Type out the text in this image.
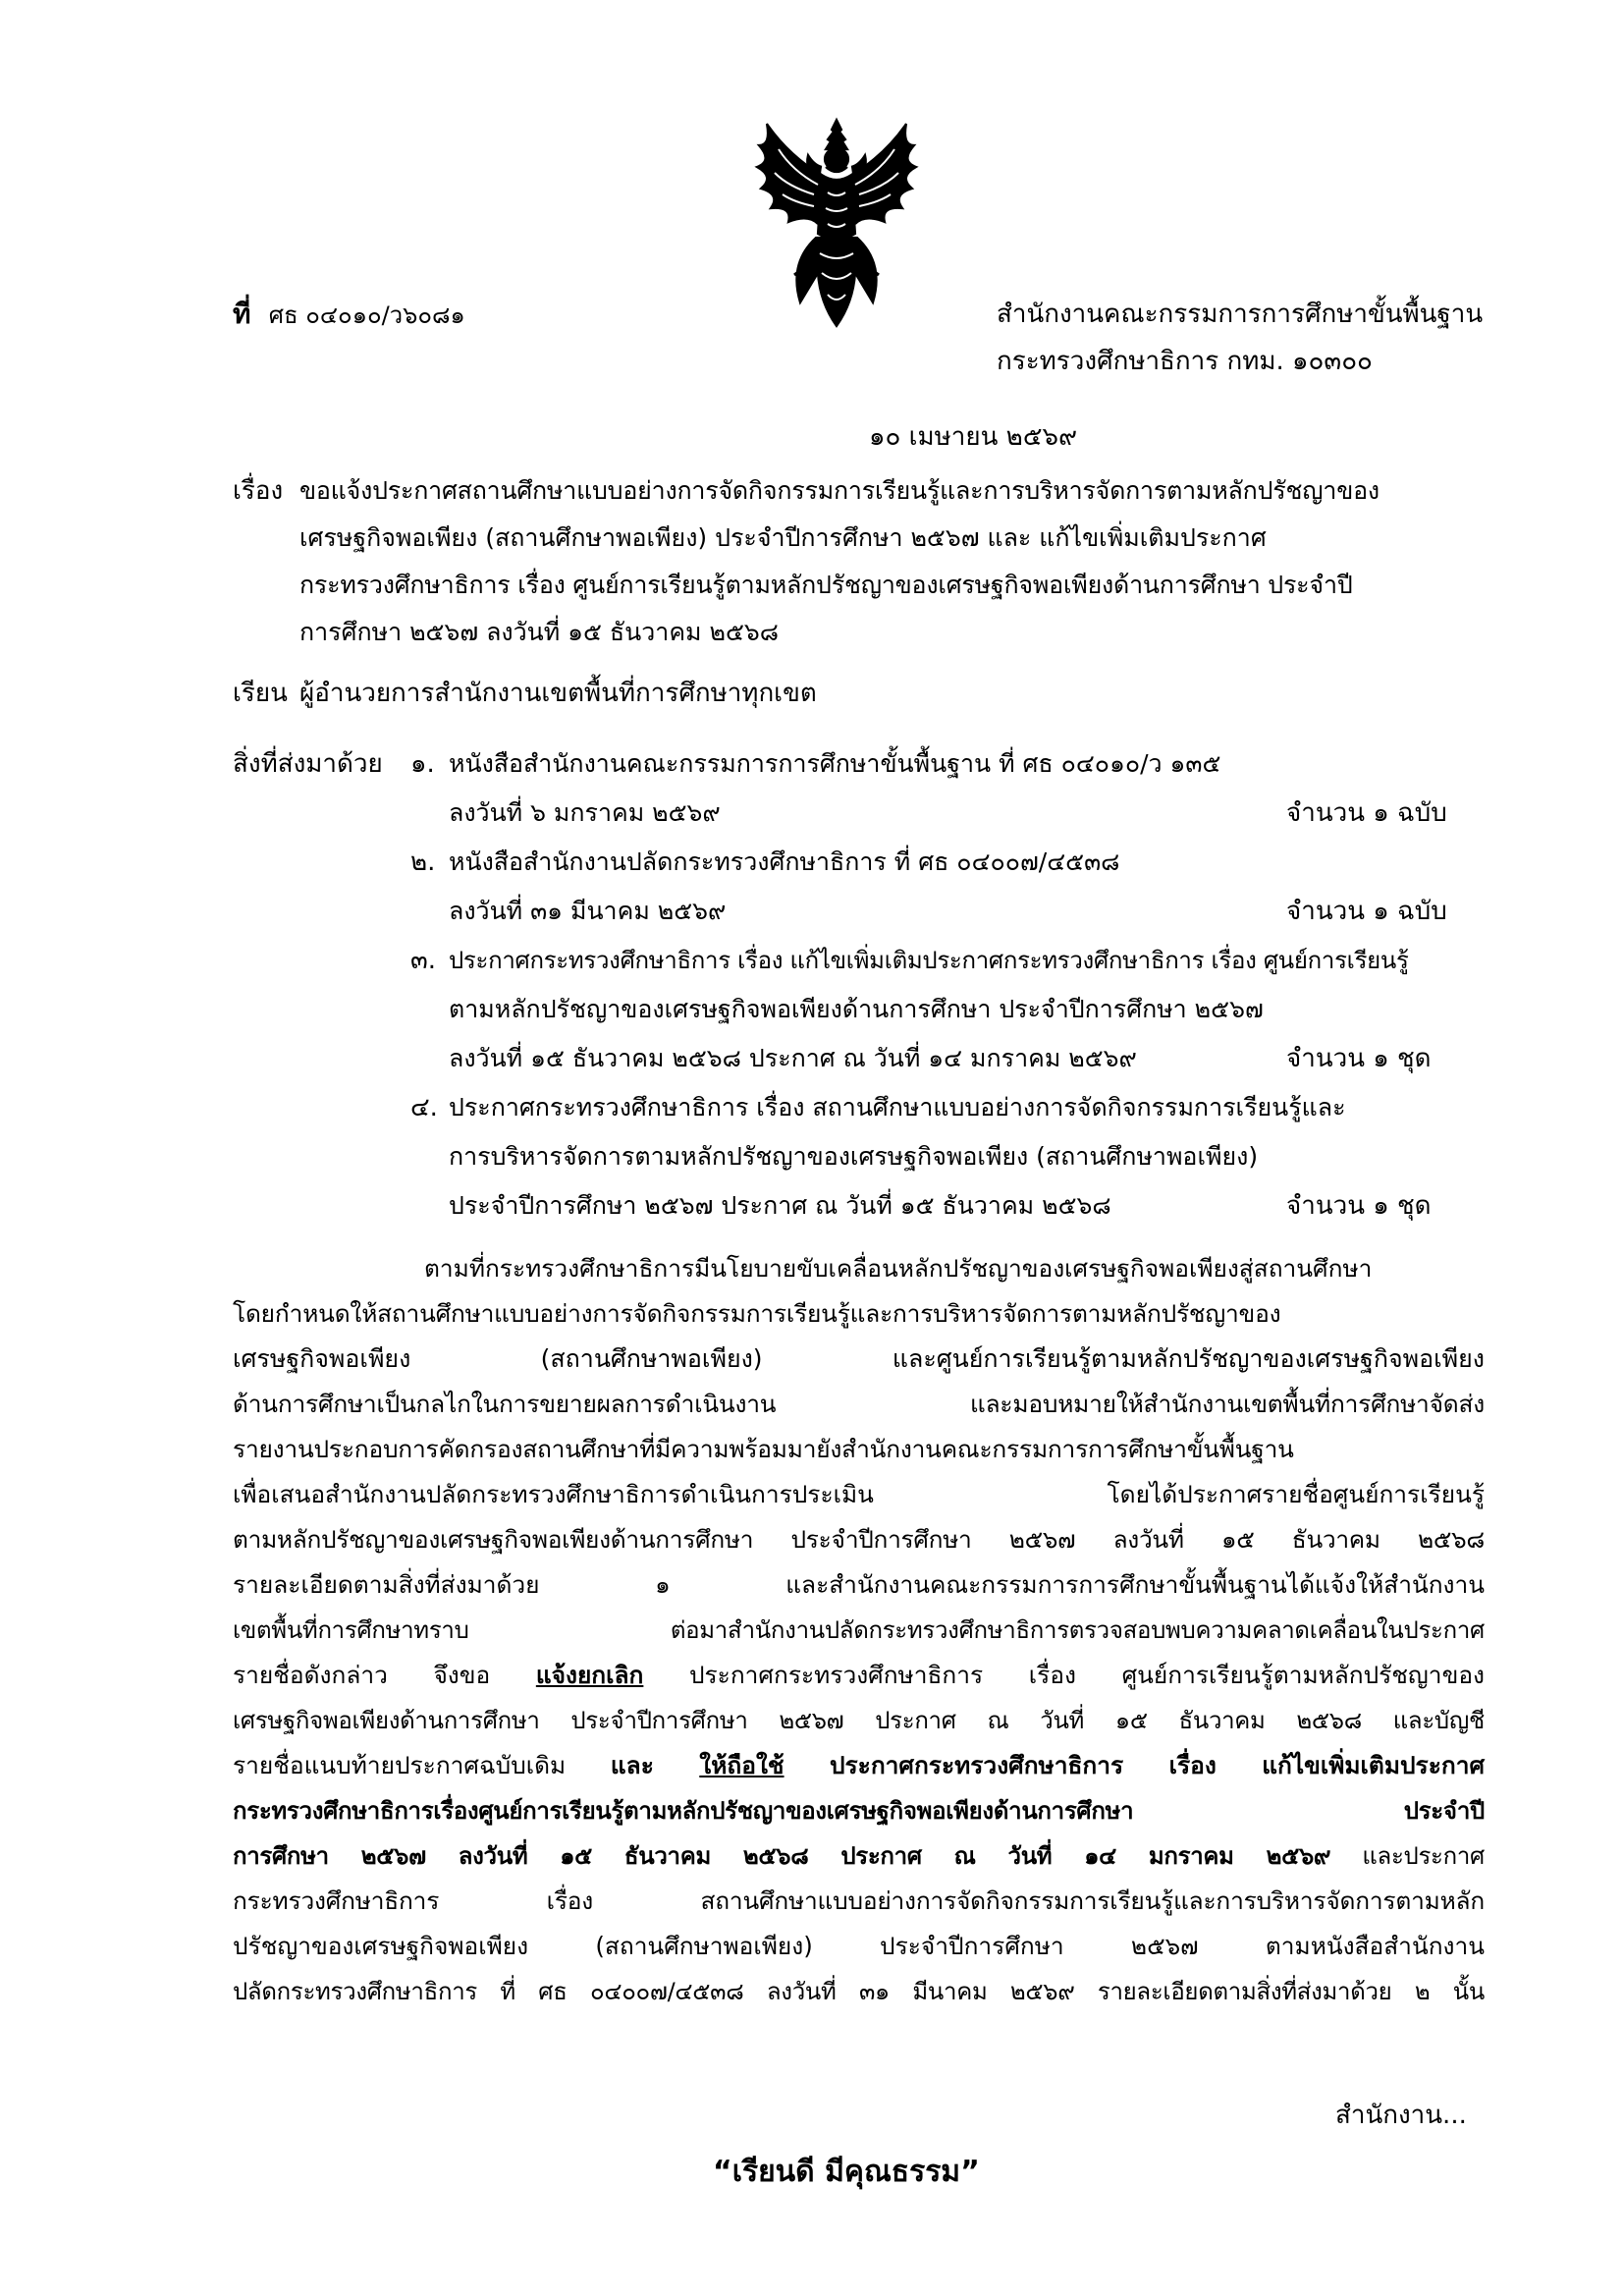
ที่ ศธ ๐๔๐๑๐/ว๖๐๘๑	สำนักงานคณะกรรมการการศึกษาขั้นพื้นฐาน
กระทรวงศึกษาธิการ กทม. ๑๐๓๐๐
๑๐ เมษายน ๒๕๖๙
เรื่อง ขอแจ้งประกาศสถานศึกษาแบบอย่างการจัดกิจกรรมการเรียนรู้และการบริหารจัดการตามหลักปรัชญาของ
เศรษฐกิจพอเพียง (สถานศึกษาพอเพียง) ประจำปีการศึกษา ๒๕๖๗ และ แก้ไขเพิ่มเติมประกาศ
กระทรวงศึกษาธิการ เรื่อง ศูนย์การเรียนรู้ตามหลักปรัชญาของเศรษฐกิจพอเพียงด้านการศึกษา ประจำปี
การศึกษา ๒๕๖๗ ลงวันที่ ๑๕ ธันวาคม ๒๕๖๘
เรียน ผู้อำนวยการสำนักงานเขตพื้นที่การศึกษาทุกเขต
สิ่งที่ส่งมาด้วย ๑. หนังสือสำนักงานคณะกรรมการการศึกษาขั้นพื้นฐาน ที่ ศธ ๐๔๐๑๐/ว ๑๓๕
ลงวันที่ ๖ มกราคม ๒๕๖๙	จำนวน ๑ ฉบับ
๒. หนังสือสำนักงานปลัดกระทรวงศึกษาธิการ ที่ ศธ ๐๔๐๐๗/๔๕๓๘
ลงวันที่ ๓๑ มีนาคม ๒๕๖๙	จำนวน ๑ ฉบับ
๓. ประกาศกระทรวงศึกษาธิการ เรื่อง แก้ไขเพิ่มเติมประกาศกระทรวงศึกษาธิการ เรื่อง ศูนย์การเรียนรู้
ตามหลักปรัชญาของเศรษฐกิจพอเพียงด้านการศึกษา ประจำปีการศึกษา ๒๕๖๗
ลงวันที่ ๑๕ ธันวาคม ๒๕๖๘ ประกาศ ณ วันที่ ๑๔ มกราคม ๒๕๖๙	จำนวน ๑ ชุด
๔. ประกาศกระทรวงศึกษาธิการ เรื่อง สถานศึกษาแบบอย่างการจัดกิจกรรมการเรียนรู้และ
การบริหารจัดการตามหลักปรัชญาของเศรษฐกิจพอเพียง (สถานศึกษาพอเพียง)
ประจำปีการศึกษา ๒๕๖๗ ประกาศ ณ วันที่ ๑๕ ธันวาคม ๒๕๖๘	จำนวน ๑ ชุด
ตามที่กระทรวงศึกษาธิการมีนโยบายขับเคลื่อนหลักปรัชญาของเศรษฐกิจพอเพียงสู่สถานศึกษา
โดยกำหนดให้สถานศึกษาแบบอย่างการจัดกิจกรรมการเรียนรู้และการบริหารจัดการตามหลักปรัชญาของ
เศรษฐกิจพอเพียง (สถานศึกษาพอเพียง) และศูนย์การเรียนรู้ตามหลักปรัชญาของเศรษฐกิจพอเพียง
ด้านการศึกษาเป็นกลไกในการขยายผลการดำเนินงาน และมอบหมายให้สำนักงานเขตพื้นที่การศึกษาจัดส่ง
รายงานประกอบการคัดกรองสถานศึกษาที่มีความพร้อมมายังสำนักงานคณะกรรมการการศึกษาขั้นพื้นฐาน
เพื่อเสนอสำนักงานปลัดกระทรวงศึกษาธิการดำเนินการประเมิน โดยได้ประกาศรายชื่อศูนย์การเรียนรู้
ตามหลักปรัชญาของเศรษฐกิจพอเพียงด้านการศึกษา ประจำปีการศึกษา ๒๕๖๗ ลงวันที่ ๑๕ ธันวาคม ๒๕๖๘
รายละเอียดตามสิ่งที่ส่งมาด้วย ๑ และสำนักงานคณะกรรมการการศึกษาขั้นพื้นฐานได้แจ้งให้สำนักงาน
เขตพื้นที่การศึกษาทราบ ต่อมาสำนักงานปลัดกระทรวงศึกษาธิการตรวจสอบพบความคลาดเคลื่อนในประกาศ
รายชื่อดังกล่าว จึงขอ แจ้งยกเลิก ประกาศกระทรวงศึกษาธิการ เรื่อง ศูนย์การเรียนรู้ตามหลักปรัชญาของ
เศรษฐกิจพอเพียงด้านการศึกษา ประจำปีการศึกษา ๒๕๖๗ ประกาศ ณ วันที่ ๑๕ ธันวาคม ๒๕๖๘ และบัญชี
รายชื่อแนบท้ายประกาศฉบับเดิม และ ให้ถือใช้ ประกาศกระทรวงศึกษาธิการ เรื่อง แก้ไขเพิ่มเติมประกาศ
กระทรวงศึกษาธิการเรื่องศูนย์การเรียนรู้ตามหลักปรัชญาของเศรษฐกิจพอเพียงด้านการศึกษา ประจำปี
การศึกษา ๒๕๖๗ ลงวันที่ ๑๕ ธันวาคม ๒๕๖๘ ประกาศ ณ วันที่ ๑๔ มกราคม ๒๕๖๙ และประกาศ
กระทรวงศึกษาธิการ เรื่อง สถานศึกษาแบบอย่างการจัดกิจกรรมการเรียนรู้และการบริหารจัดการตามหลัก
ปรัชญาของเศรษฐกิจพอเพียง (สถานศึกษาพอเพียง) ประจำปีการศึกษา ๒๕๖๗ ตามหนังสือสำนักงาน
ปลัดกระทรวงศึกษาธิการ ที่ ศธ ๐๔๐๐๗/๔๕๓๘ ลงวันที่ ๓๑ มีนาคม ๒๕๖๙ รายละเอียดตามสิ่งที่ส่งมาด้วย ๒ นั้น
สำนักงาน...
“เรียนดี มีคุณธรรม”
